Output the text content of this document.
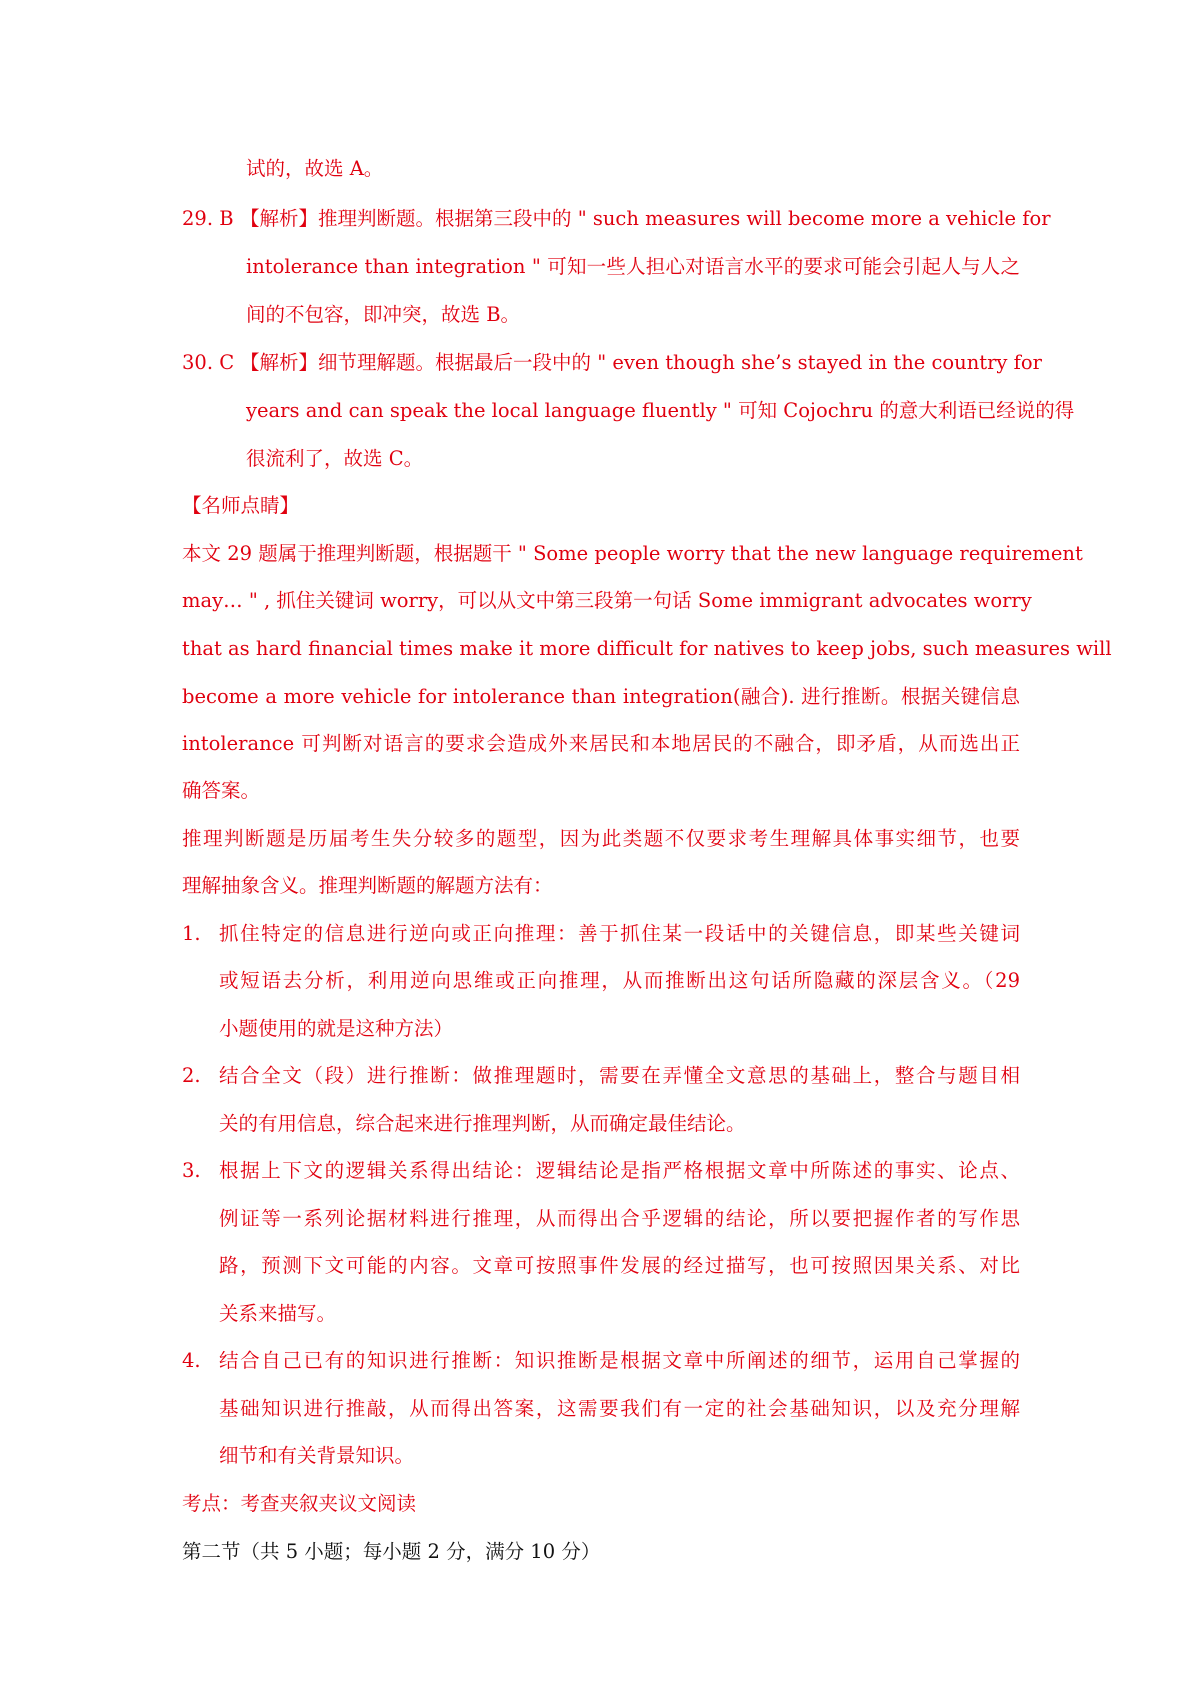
试的，故选 A。
29. B 【解析】推理判断题。根据第三段中的 " such measures will become more a vehicle for
intolerance than integration " 可知一些人担心对语言水平的要求可能会引起人与人之
间的不包容，即冲突，故选 B。
30. C 【解析】细节理解题。根据最后一段中的 " even though she’s stayed in the country for
years and can speak the local language fluently " 可知 Cojochru 的意大利语已经说的得
很流利了，故选 C。
【名师点睛】
本文 29 题属于推理判断题，根据题干 " Some people worry that the new language requirement
may… " , 抓住关键词 worry，可以从文中第三段第一句话 Some immigrant advocates worry
that as hard financial times make it more difficult for natives to keep jobs, such measures will
become a more vehicle for intolerance than integration(融合). 进行推断。根据关键信息
intolerance 可判断对语言的要求会造成外来居民和本地居民的不融合，即矛盾，从而选出正
确答案。
推理判断题是历届考生失分较多的题型，因为此类题不仅要求考生理解具体事实细节，也要
理解抽象含义。推理判断题的解题方法有：
1. 抓住特定的信息进行逆向或正向推理：善于抓住某一段话中的关键信息，即某些关键词
或短语去分析，利用逆向思维或正向推理，从而推断出这句话所隐藏的深层含义。（29
小题使用的就是这种方法）
2. 结合全文（段）进行推断：做推理题时，需要在弄懂全文意思的基础上，整合与题目相
关的有用信息，综合起来进行推理判断，从而确定最佳结论。
3. 根据上下文的逻辑关系得出结论：逻辑结论是指严格根据文章中所陈述的事实、论点、
例证等一系列论据材料进行推理，从而得出合乎逻辑的结论，所以要把握作者的写作思
路，预测下文可能的内容。文章可按照事件发展的经过描写，也可按照因果关系、对比
关系来描写。
4. 结合自己已有的知识进行推断：知识推断是根据文章中所阐述的细节，运用自己掌握的
基础知识进行推敲，从而得出答案，这需要我们有一定的社会基础知识，以及充分理解
细节和有关背景知识。
考点：考查夹叙夹议文阅读
第二节（共 5 小题；每小题 2 分，满分 10 分）
